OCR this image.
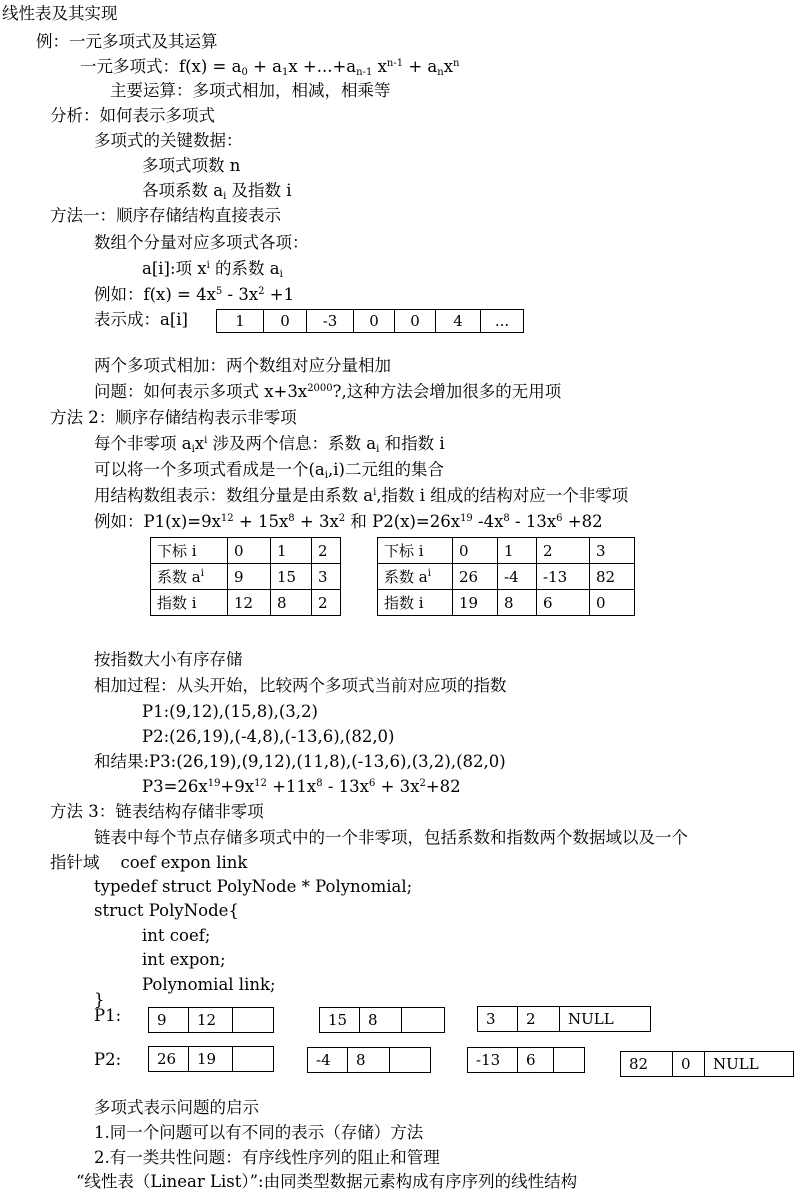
线性表及其实现
例：一元多项式及其运算
一元多项式：$f(x) = a_0 + a_1x +...+a_{n-1}$ $x^{n-1} + a_nx^n$
主要运算：多项式相加，相减，相乘等
分析：如何表示多项式
多项式的关键数据：
多项式项数 n
各项系数 $a_i$ 及指数 i
方法一：顺序存储结构直接表示
数组个分量对应多项式各项：
a[i]:项 $x^i$ 的系数 $a_i$
例如：$f(x) = 4x^5 - 3x^2 +1$
表示成：a[i]	1	0	-3	0	0	4	...
两个多项式相加：两个数组对应分量相加
问题：如何表示多项式 $x+3x^{2000}$?,这种方法会增加很多的无用项
方法 2：顺序存储结构表示非零项
每个非零项 $a_ix^i$ 涉及两个信息：系数 $a_i$ 和指数 i
可以将一个多项式看成是一个$(a_i,i)$二元组的集合
用结构数组表示：数组分量是由系数 $a^i$,指数 i 组成的结构对应一个非零项
例如：$P1(x)=9x^{12} + 15x^8 + 3x^2$ 和 $P2(x)=26x^{19}$ $-4x^8 - 13x^6 +82$
下标 i	0	1	2
系数 $a^i$	9	15	3
指数 i	12	8	2
下标 i	0	1	2	3
系数 $a^i$	26	-4	-13	82
指数 i	19	8	6	0
按指数大小有序存储
相加过程：从头开始，比较两个多项式当前对应项的指数
P1:(9,12),(15,8),(3,2)
P2:(26,19),(-4,8),(-13,6),(82,0)
和结果:P3:(26,19),(9,12),(11,8),(-13,6),(3,2),(82,0)
$P3=26x^{19}+9x^{12} +11x^8 - 13x^6 + 3x^2+82$
方法 3：链表结构存储非零项
链表中每个节点存储多项式中的一个非零项，包括系数和指数两个数据域以及一个
指针域    coef expon link
typedef struct PolyNode * Polynomial;
struct PolyNode{
int coef;
int expon;
Polynomial link;
}
P1:	9	12	15	8	3	2	NULL
P2:	26	19	-4	8	-13	6	82	0	NULL
多项式表示问题的启示
1.同一个问题可以有不同的表示（存储）方法
2.有一类共性问题：有序线性序列的阻止和管理
“线性表（Linear List）”:由同类型数据元素构成有序序列的线性结构
